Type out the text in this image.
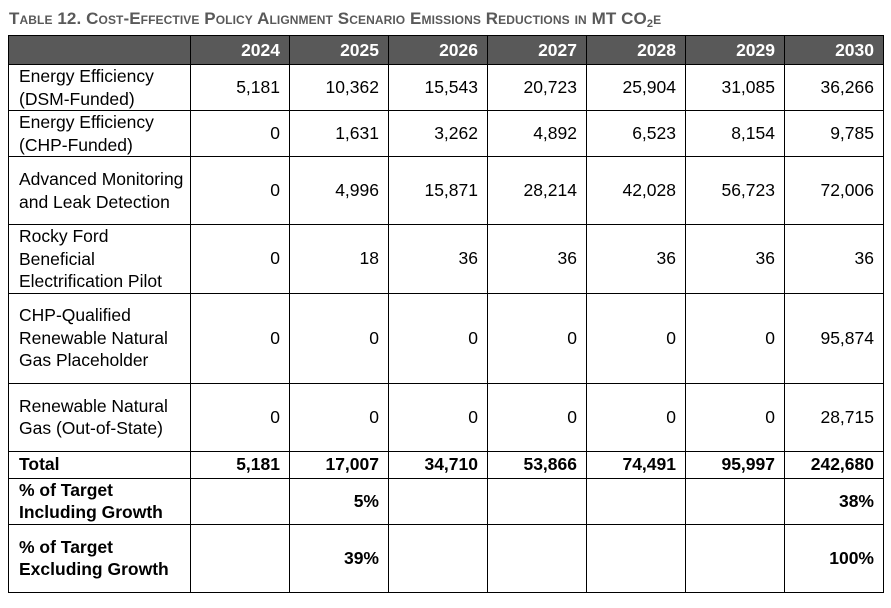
Table 12. Cost-Effective Policy Alignment Scenario Emissions Reductions in MT $CO_2e$
	2024	2025	2026	2027	2028	2029	2030
Energy Efficiency (DSM-Funded)	5,181	10,362	15,543	20,723	25,904	31,085	36,266
Energy Efficiency (CHP-Funded)	0	1,631	3,262	4,892	6,523	8,154	9,785
Advanced Monitoring and Leak Detection	0	4,996	15,871	28,214	42,028	56,723	72,006
Rocky Ford Beneficial Electrification Pilot	0	18	36	36	36	36	36
CHP-Qualified Renewable Natural Gas Placeholder	0	0	0	0	0	0	95,874
Renewable Natural Gas (Out-of-State)	0	0	0	0	0	0	28,715
Total	5,181	17,007	34,710	53,866	74,491	95,997	242,680
% of Target Including Growth		5%					38%
% of Target Excluding Growth		39%					100%
